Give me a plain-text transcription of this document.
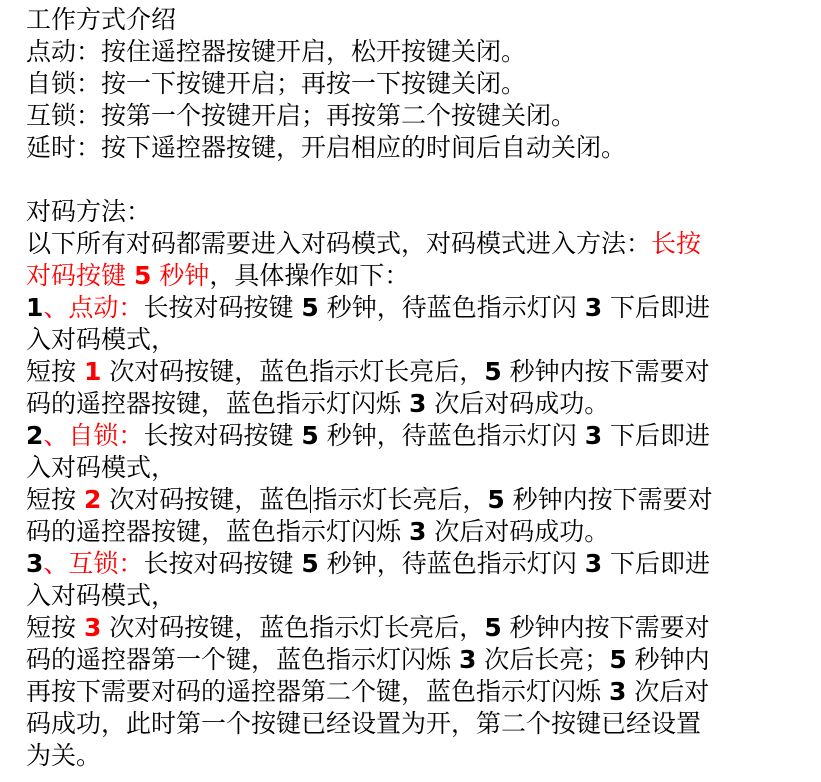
工作方式介绍
点动：按住遥控器按键开启，松开按键关闭。
自锁：按一下按键开启；再按一下按键关闭。
互锁：按第一个按键开启；再按第二个按键关闭。
延时：按下遥控器按键，开启相应的时间后自动关闭。
对码方法：
以下所有对码都需要进入对码模式，对码模式进入方法：长按
对码按键 5 秒钟，具体操作如下：
1、点动：长按对码按键 5 秒钟，待蓝色指示灯闪 3 下后即进
入对码模式，
短按 1 次对码按键，蓝色指示灯长亮后，5 秒钟内按下需要对
码的遥控器按键，蓝色指示灯闪烁 3 次后对码成功。
2、自锁：长按对码按键 5 秒钟，待蓝色指示灯闪 3 下后即进
入对码模式，
短按 2 次对码按键，蓝色 指示灯长亮后，5 秒钟内按下需要对
码的遥控器按键，蓝色指示灯闪烁 3 次后对码成功。
3、互锁：长按对码按键 5 秒钟，待蓝色指示灯闪 3 下后即进
入对码模式，
短按 3 次对码按键，蓝色指示灯长亮后，5 秒钟内按下需要对
码的遥控器第一个键，蓝色指示灯闪烁 3 次后长亮；5 秒钟内
再按下需要对码的遥控器第二个键，蓝色指示灯闪烁 3 次后对
码成功，此时第一个按键已经设置为开，第二个按键已经设置
为关。
